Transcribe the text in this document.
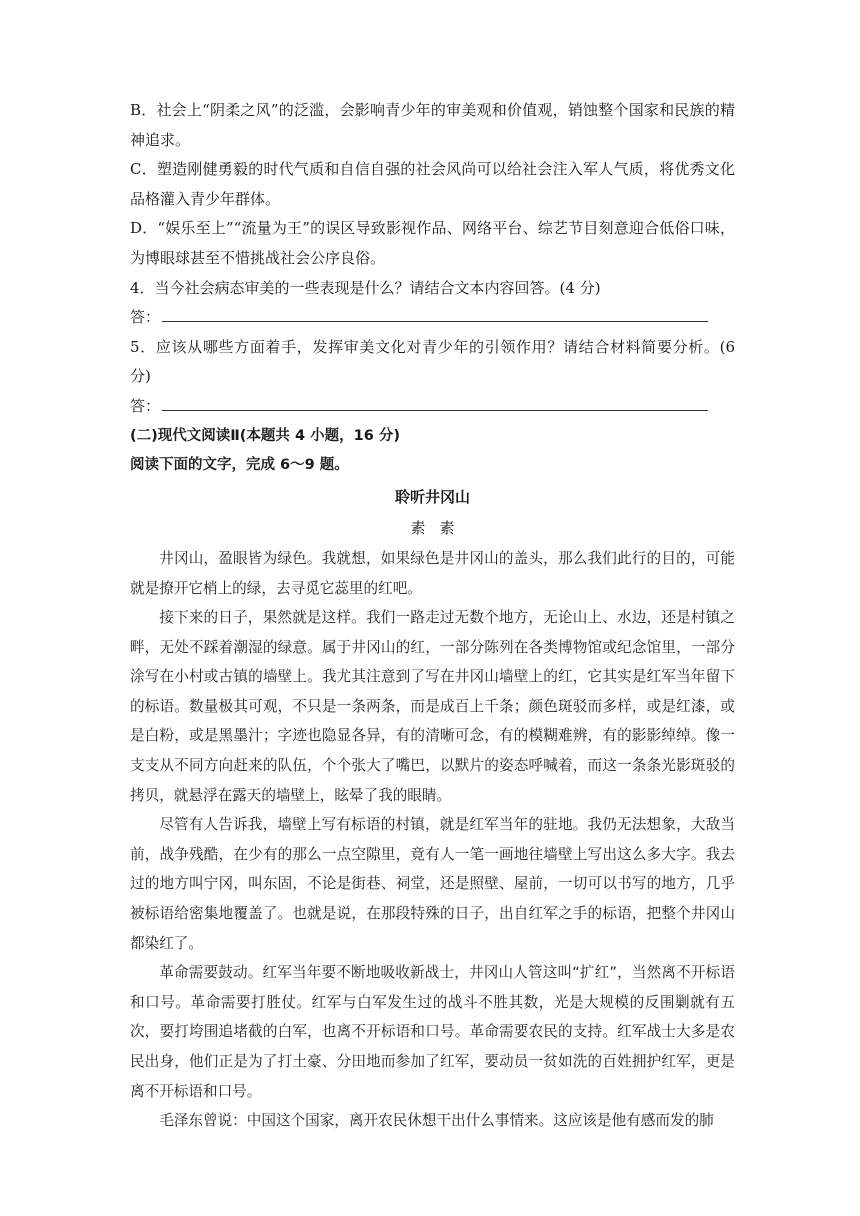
B．社会上“阴柔之风”的泛滥，会影响青少年的审美观和价值观，销蚀整个国家和民族的精神追求。

C．塑造刚健勇毅的时代气质和自信自强的社会风尚可以给社会注入军人气质，将优秀文化品格灌入青少年群体。

D．“娱乐至上”“流量为王”的误区导致影视作品、网络平台、综艺节目刻意迎合低俗口味，为博眼球甚至不惜挑战社会公序良俗。

4．当今社会病态审美的一些表现是什么？请结合文本内容回答。(4 分)

答：

5．应该从哪些方面着手，发挥审美文化对青少年的引领作用？请结合材料简要分析。(6 分)

答：

(二)现代文阅读Ⅱ(本题共 4 小题，16 分)

阅读下面的文字，完成 6～9 题。

聆听井冈山

素素

井冈山，盈眼皆为绿色。我就想，如果绿色是井冈山的盖头，那么我们此行的目的，可能就是撩开它梢上的绿，去寻觅它蕊里的红吧。

接下来的日子，果然就是这样。我们一路走过无数个地方，无论山上、水边，还是村镇之畔，无处不踩着潮湿的绿意。属于井冈山的红，一部分陈列在各类博物馆或纪念馆里，一部分涂写在小村或古镇的墙壁上。我尤其注意到了写在井冈山墙壁上的红，它其实是红军当年留下的标语。数量极其可观，不只是一条两条，而是成百上千条；颜色斑驳而多样，或是红漆，或是白粉，或是黑墨汁；字迹也隐显各异，有的清晰可念，有的模糊难辨，有的影影绰绰。像一支支从不同方向赶来的队伍，个个张大了嘴巴，以默片的姿态呼喊着，而这一条条光影斑驳的拷贝，就悬浮在露天的墙壁上，眩晕了我的眼睛。

尽管有人告诉我，墙壁上写有标语的村镇，就是红军当年的驻地。我仍无法想象，大敌当前，战争残酷，在少有的那么一点空隙里，竟有人一笔一画地往墙壁上写出这么多大字。我去过的地方叫宁冈，叫东固，不论是街巷、祠堂，还是照壁、屋前，一切可以书写的地方，几乎被标语给密集地覆盖了。也就是说，在那段特殊的日子，出自红军之手的标语，把整个井冈山都染红了。

革命需要鼓动。红军当年要不断地吸收新战士，井冈山人管这叫“扩红”，当然离不开标语和口号。革命需要打胜仗。红军与白军发生过的战斗不胜其数，光是大规模的反围剿就有五次，要打垮围追堵截的白军，也离不开标语和口号。革命需要农民的支持。红军战士大多是农民出身，他们正是为了打土豪、分田地而参加了红军，要动员一贫如洗的百姓拥护红军，更是离不开标语和口号。

毛泽东曾说：中国这个国家，离开农民休想干出什么事情来。这应该是他有感而发的肺
